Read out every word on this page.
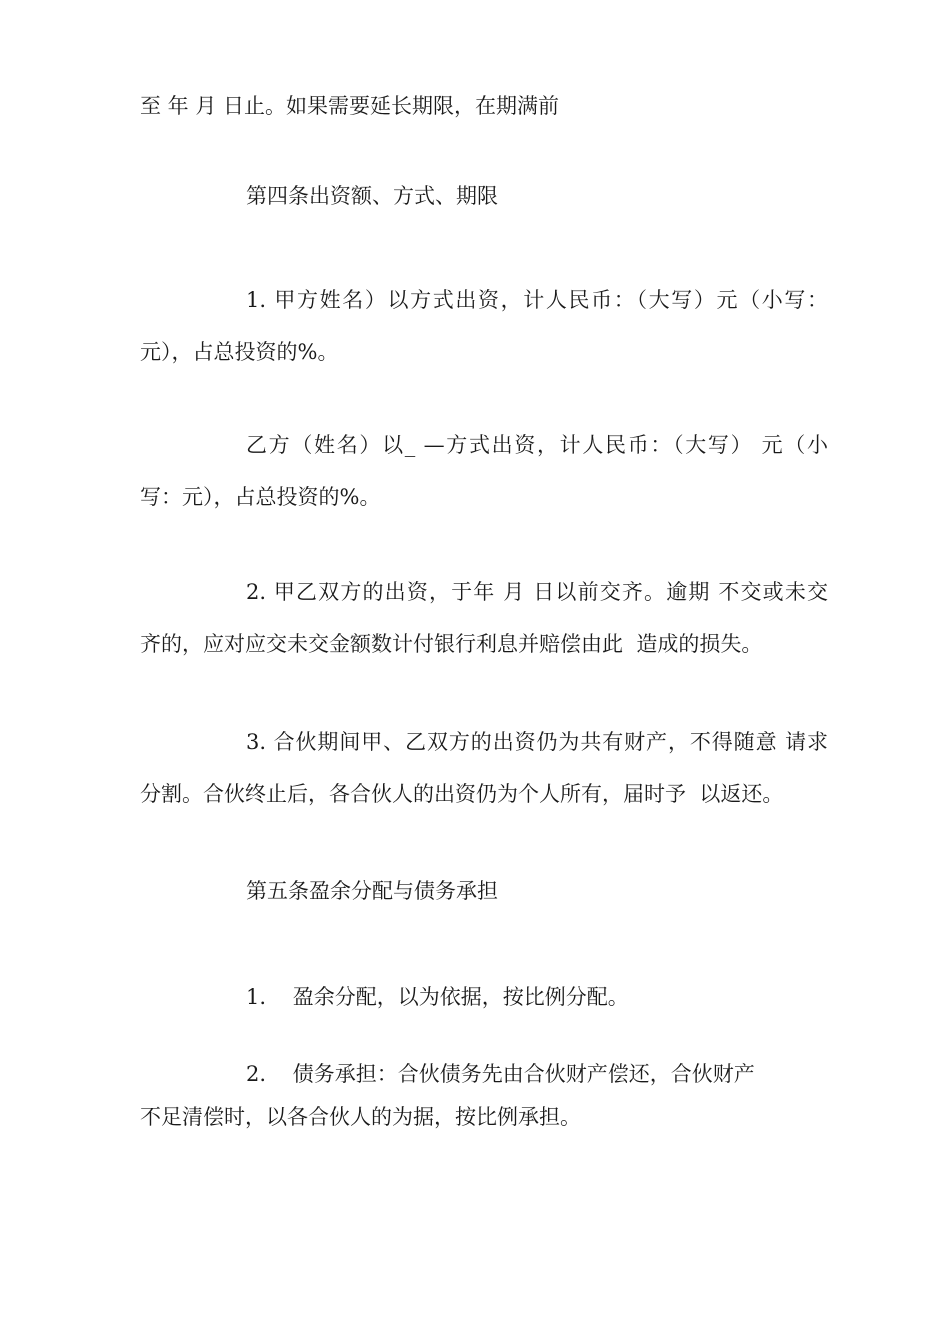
至 年 月 日止。如果需要延长期限，在期满前

第四条出资额、方式、期限

1. 甲方姓名）以方式出资，计人民币：（大写）元（小写：

元），占总投资的%。

乙方（姓名）以_ —方式出资，计人民币：（大写） 元（小

写：元），占总投资的%。

2. 甲乙双方的出资，于年 月 日以前交齐。逾期 不交或未交

齐的，应对应交未交金额数计付银行利息并赔偿由此  造成的损失。

3. 合伙期间甲、乙双方的出资仍为共有财产，不得随意 请求

分割。合伙终止后，各合伙人的出资仍为个人所有，届时予  以返还。

第五条盈余分配与债务承担

1.    盈余分配，以为依据，按比例分配。

2.    债务承担：合伙债务先由合伙财产偿还，合伙财产

不足清偿时，以各合伙人的为据，按比例承担。
